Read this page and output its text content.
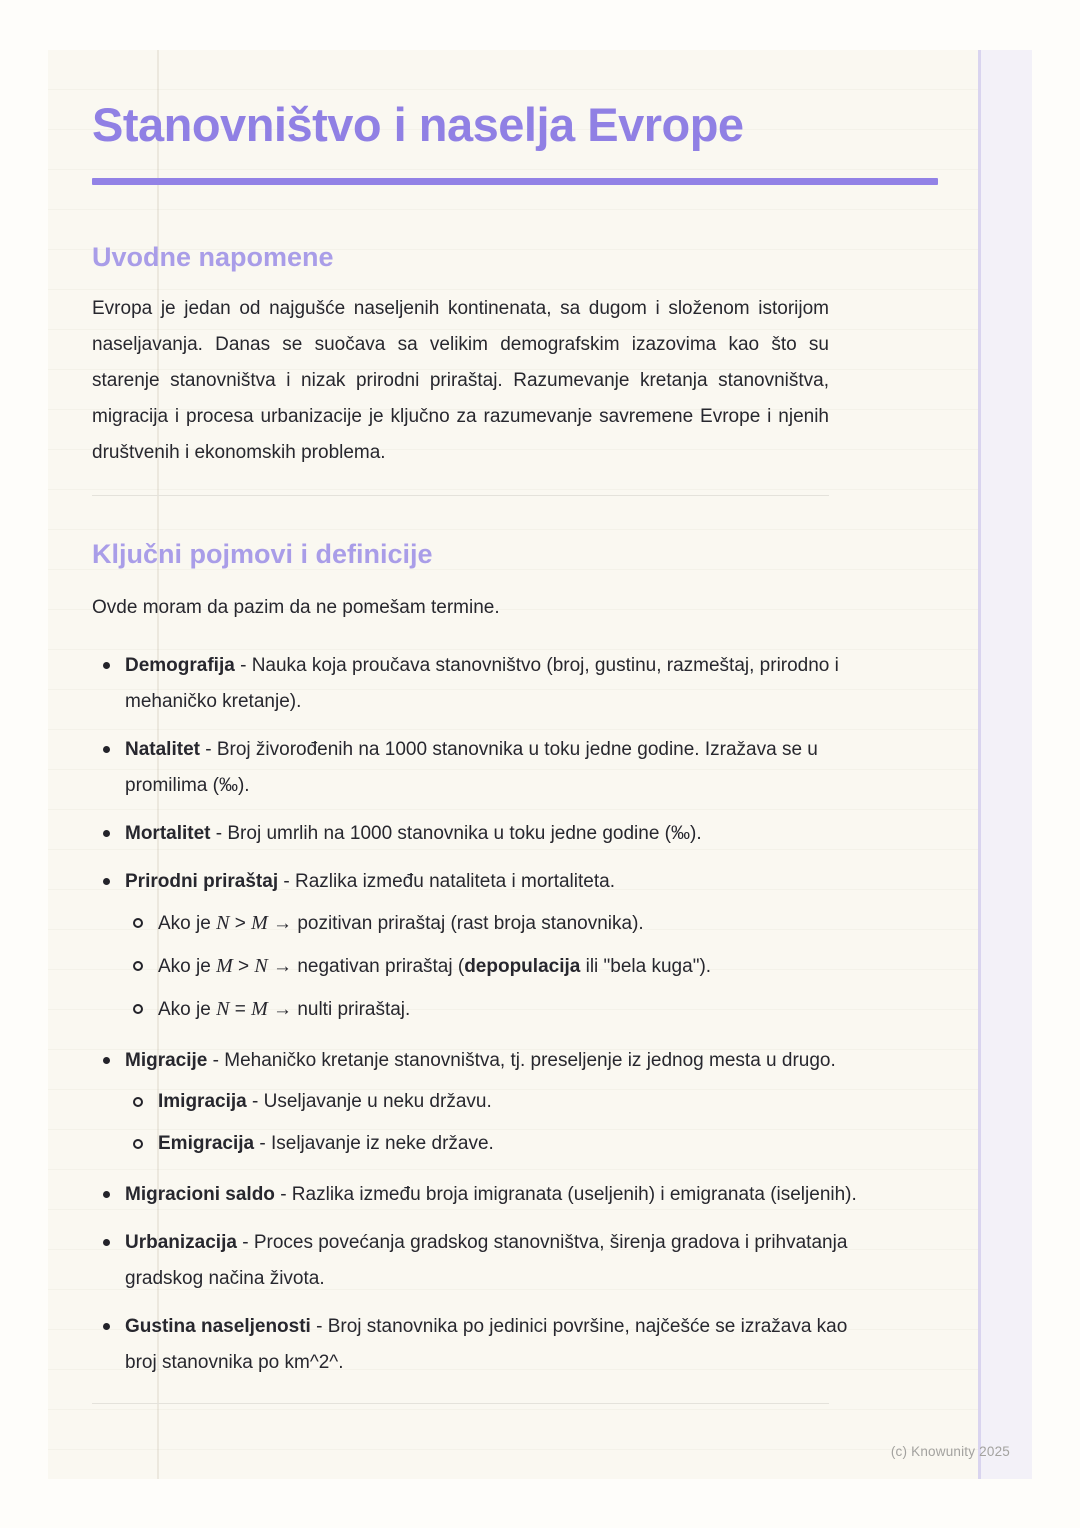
Stanovništvo i naselja Evrope
Uvodne napomene

Evropa je jedan od najgušće naseljenih kontinenata, sa dugom i složenom istorijom naseljavanja. Danas se suočava sa velikim demografskim izazovima kao što su starenje stanovništva i nizak prirodni priraštaj. Razumevanje kretanja stanovništva, migracija i procesa urbanizacije je ključno za razumevanje savremene Evrope i njenih društvenih i ekonomskih problema.

Ključni pojmovi i definicije

Ovde moram da pazim da ne pomešam termine.

Demografija - Nauka koja proučava stanovništvo (broj, gustinu, razmeštaj, prirodno i mehaničko kretanje).
Natalitet - Broj živorođenih na 1000 stanovnika u toku jedne godine. Izražava se u promilima (‰).
Mortalitet - Broj umrlih na 1000 stanovnika u toku jedne godine (‰).
Prirodni priraštaj - Razlika između nataliteta i mortaliteta.
Ako je N > M → pozitivan priraštaj (rast broja stanovnika).
Ako je M > N → negativan priraštaj (depopulacija ili "bela kuga").
Ako je N = M → nulti priraštaj.
Migracije - Mehaničko kretanje stanovništva, tj. preseljenje iz jednog mesta u drugo.
Imigracija - Useljavanje u neku državu.
Emigracija - Iseljavanje iz neke države.
Migracioni saldo - Razlika između broja imigranata (useljenih) i emigranata (iseljenih).
Urbanizacija - Proces povećanja gradskog stanovništva, širenja gradova i prihvatanja gradskog načina života.
Gustina naseljenosti - Broj stanovnika po jedinici površine, najčešće se izražava kao broj stanovnika po km^2^.
(c) Knowunity 2025
